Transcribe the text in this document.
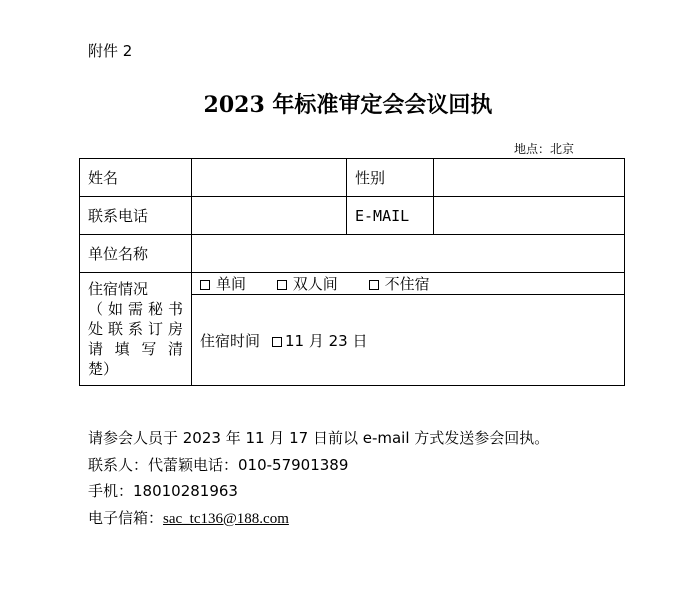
附件 2
2023 年标准审定会会议回执
地点：北京
姓名		性别	
联系电话		E-MAIL	
单位名称			

住宿情况
（如需秘书
处联系订房
请填写清
楚）	单间 双人间 不住宿		
	住宿时间 11 月 23 日		
请参会人员于 2023 年 11 月 17 日前以 e-mail 方式发送参会回执。
联系人：代蕾颖电话：010-57901389
手机：18010281963
电子信箱：sac_tc136@188.com
